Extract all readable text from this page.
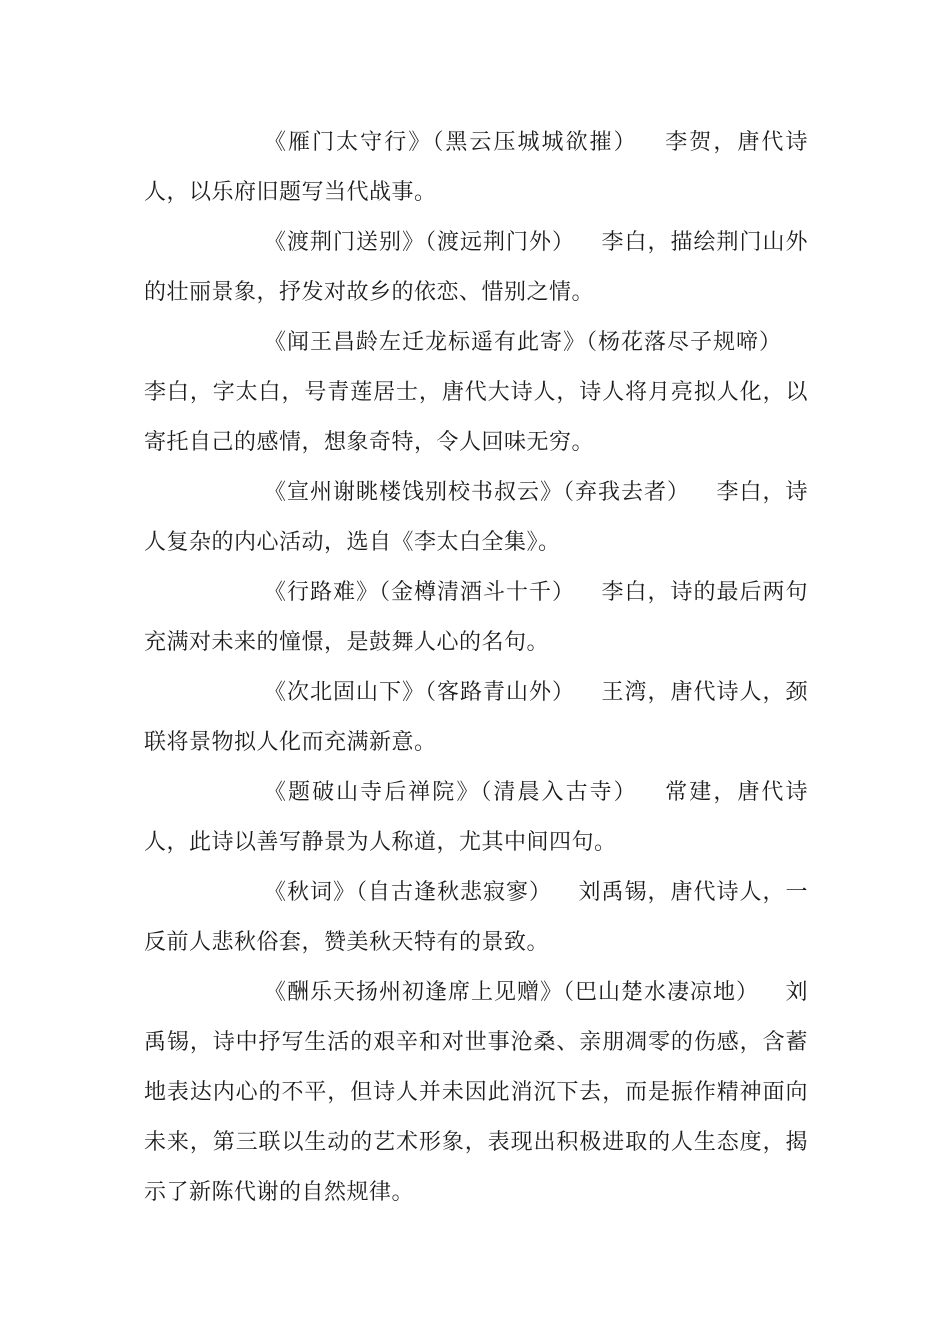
《雁门太守行》（黑云压城城欲摧） 李贺，唐代诗人，以乐府旧题写当代战事。

《渡荆门送别》（渡远荆门外） 李白，描绘荆门山外的壮丽景象，抒发对故乡的依恋、惜别之情。

《闻王昌龄左迁龙标遥有此寄》（杨花落尽子规啼）李白，字太白，号青莲居士，唐代大诗人，诗人将月亮拟人化，以寄托自己的感情，想象奇特，令人回味无穷。

《宣州谢眺楼饯别校书叔云》（弃我去者） 李白，诗人复杂的内心活动，选自《李太白全集》。

《行路难》（金樽清酒斗十千） 李白，诗的最后两句充满对未来的憧憬，是鼓舞人心的名句。

《次北固山下》（客路青山外） 王湾，唐代诗人，颈联将景物拟人化而充满新意。

《题破山寺后禅院》（清晨入古寺） 常建，唐代诗人，此诗以善写静景为人称道，尤其中间四句。

《秋词》（自古逢秋悲寂寥） 刘禹锡，唐代诗人，一反前人悲秋俗套，赞美秋天特有的景致。

《酬乐天扬州初逢席上见赠》（巴山楚水凄凉地） 刘禹锡，诗中抒写生活的艰辛和对世事沧桑、亲朋凋零的伤感，含蓄地表达内心的不平，但诗人并未因此消沉下去，而是振作精神面向未来，第三联以生动的艺术形象，表现出积极进取的人生态度，揭示了新陈代谢的自然规律。
